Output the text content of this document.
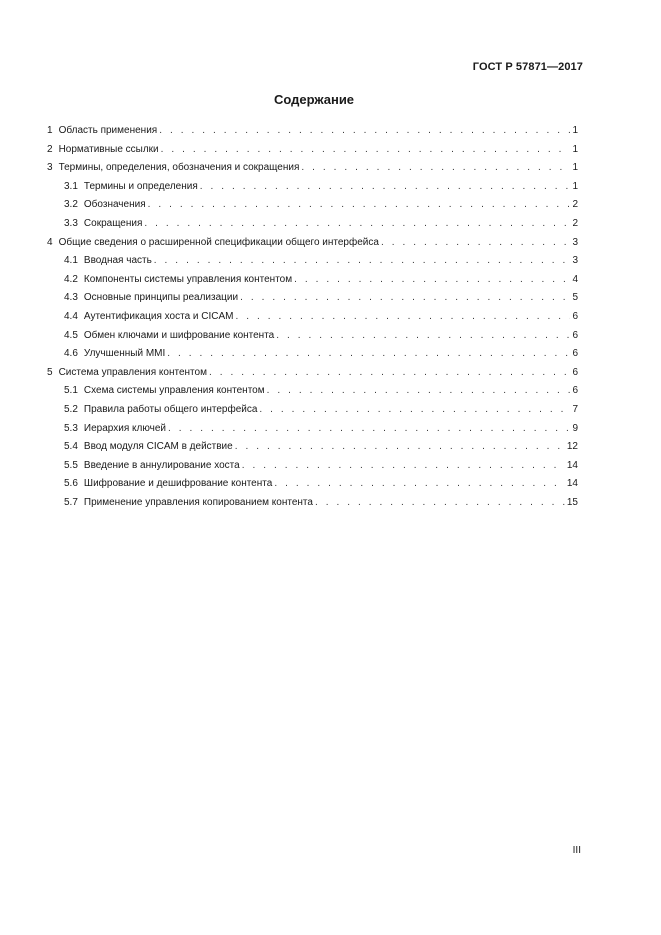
ГОСТ Р 57871—2017
Содержание
1 Область применения . . .	1
2 Нормативные ссылки . . .	1
3 Термины, определения, обозначения и сокращения . . .	1
3.1 Термины и определения . . .	1
3.2 Обозначения . . .	2
3.3 Сокращения . . .	2
4 Общие сведения о расширенной спецификации общего интерфейса . . .	3
4.1 Вводная часть . . .	3
4.2 Компоненты системы управления контентом . . .	4
4.3 Основные принципы реализации . . .	5
4.4 Аутентификация хоста и CICAM . . .	6
4.5 Обмен ключами и шифрование контента . . .	6
4.6 Улучшенный MMI . . .	6
5 Система управления контентом . . .	6
5.1 Схема системы управления контентом . . .	6
5.2 Правила работы общего интерфейса . . .	7
5.3 Иерархия ключей . . .	9
5.4 Ввод модуля CICAM в действие . . .	12
5.5 Введение в аннулирование хоста . . .	14
5.6 Шифрование и дешифрование контента . . .	14
5.7 Применение управления копированием контента . . .	15
III
